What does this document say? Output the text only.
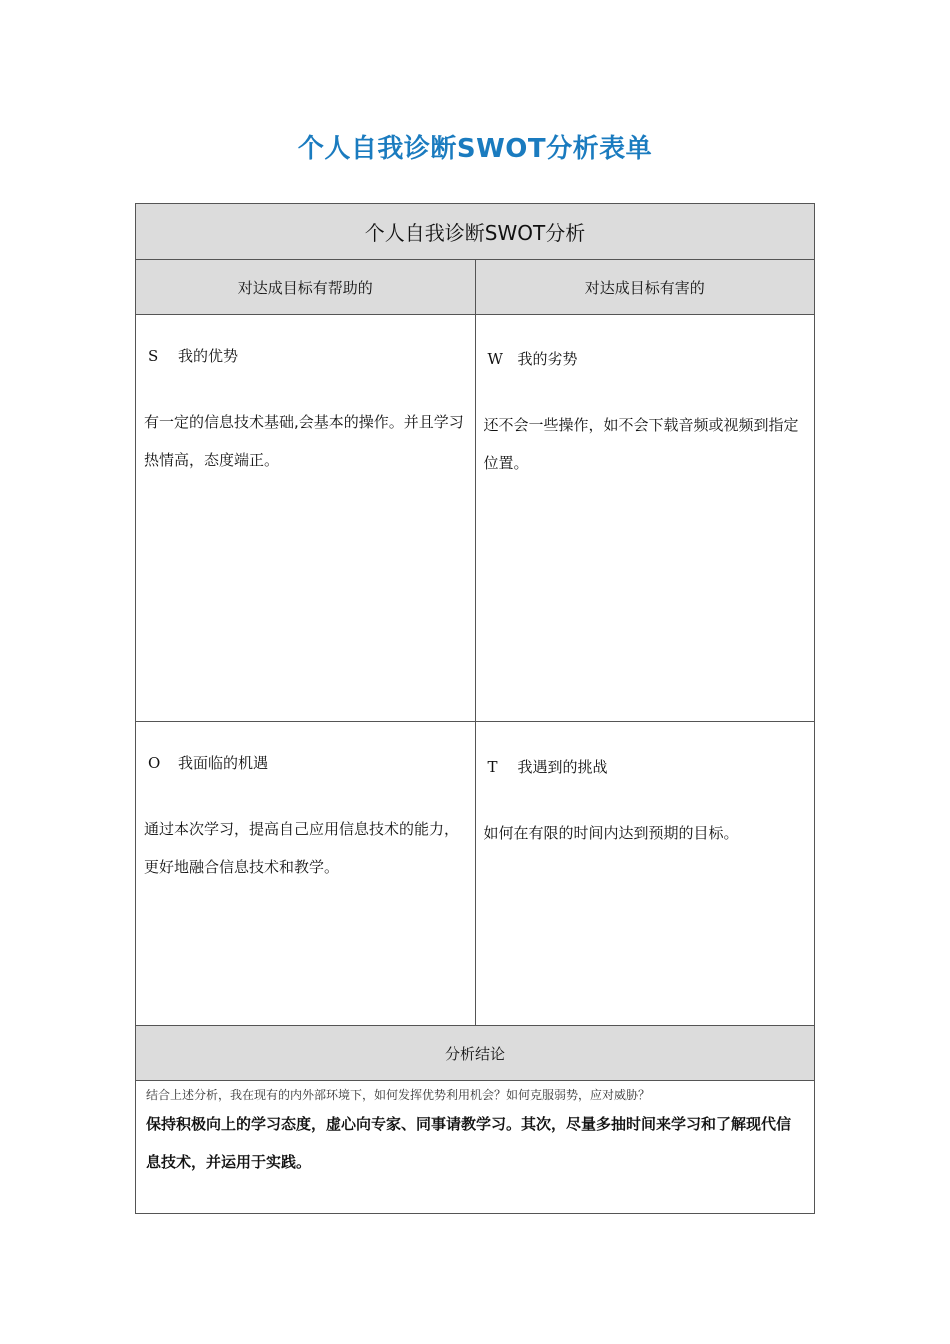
个人自我诊断SWOT分析表单
个人自我诊断SWOT分析
对达成目标有帮助的	对达成目标有害的
S 我的优势
有一定的信息技术基础,会基本的操作。并且学习热情高，态度端正。
W 我的劣势
还不会一些操作，如不会下载音频或视频到指定位置。
O 我面临的机遇
通过本次学习，提高自己应用信息技术的能力，更好地融合信息技术和教学。
T 我遇到的挑战
如何在有限的时间内达到预期的目标。
分析结论
结合上述分析，我在现有的内外部环境下，如何发挥优势利用机会？如何克服弱势，应对威胁？
保持积极向上的学习态度，虚心向专家、同事请教学习。其次，尽量多抽时间来学习和了解现代信息技术，并运用于实践。
